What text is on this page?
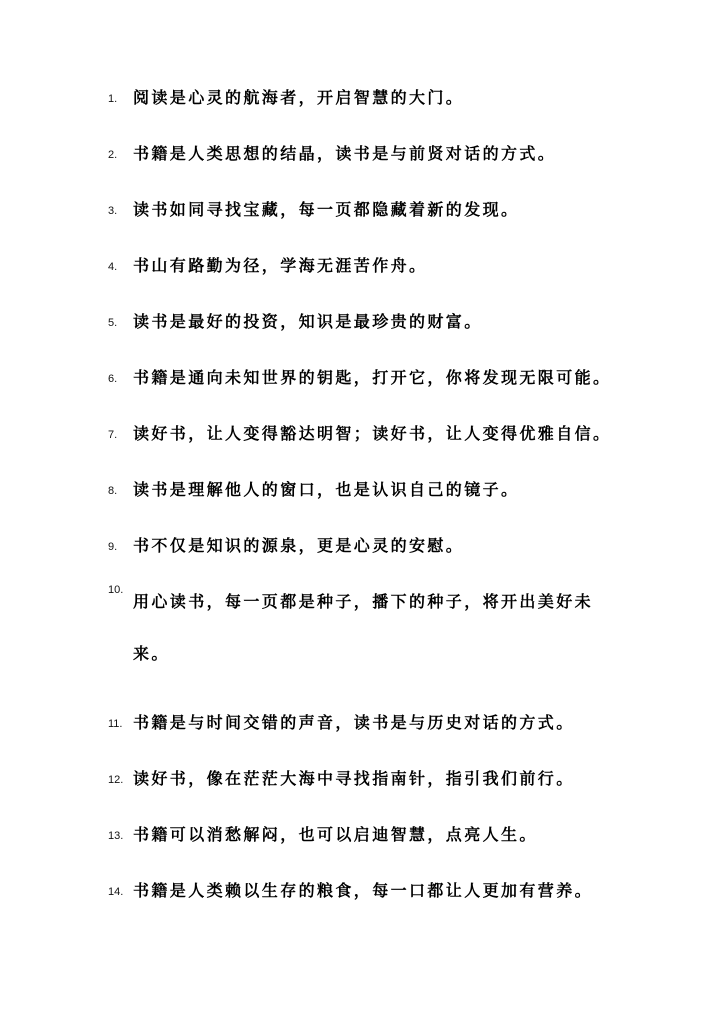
1. 阅读是心灵的航海者，开启智慧的大门。
2. 书籍是人类思想的结晶，读书是与前贤对话的方式。
3. 读书如同寻找宝藏，每一页都隐藏着新的发现。
4. 书山有路勤为径，学海无涯苦作舟。
5. 读书是最好的投资，知识是最珍贵的财富。
6. 书籍是通向未知世界的钥匙，打开它，你将发现无限可能。
7. 读好书，让人变得豁达明智；读好书，让人变得优雅自信。
8. 读书是理解他人的窗口，也是认识自己的镜子。
9. 书不仅是知识的源泉，更是心灵的安慰。
10.
用心读书，每一页都是种子，播下的种子，将开出美好未来。
11. 书籍是与时间交错的声音，读书是与历史对话的方式。
12. 读好书，像在茫茫大海中寻找指南针，指引我们前行。
13. 书籍可以消愁解闷，也可以启迪智慧，点亮人生。
14. 书籍是人类赖以生存的粮食，每一口都让人更加有营养。
